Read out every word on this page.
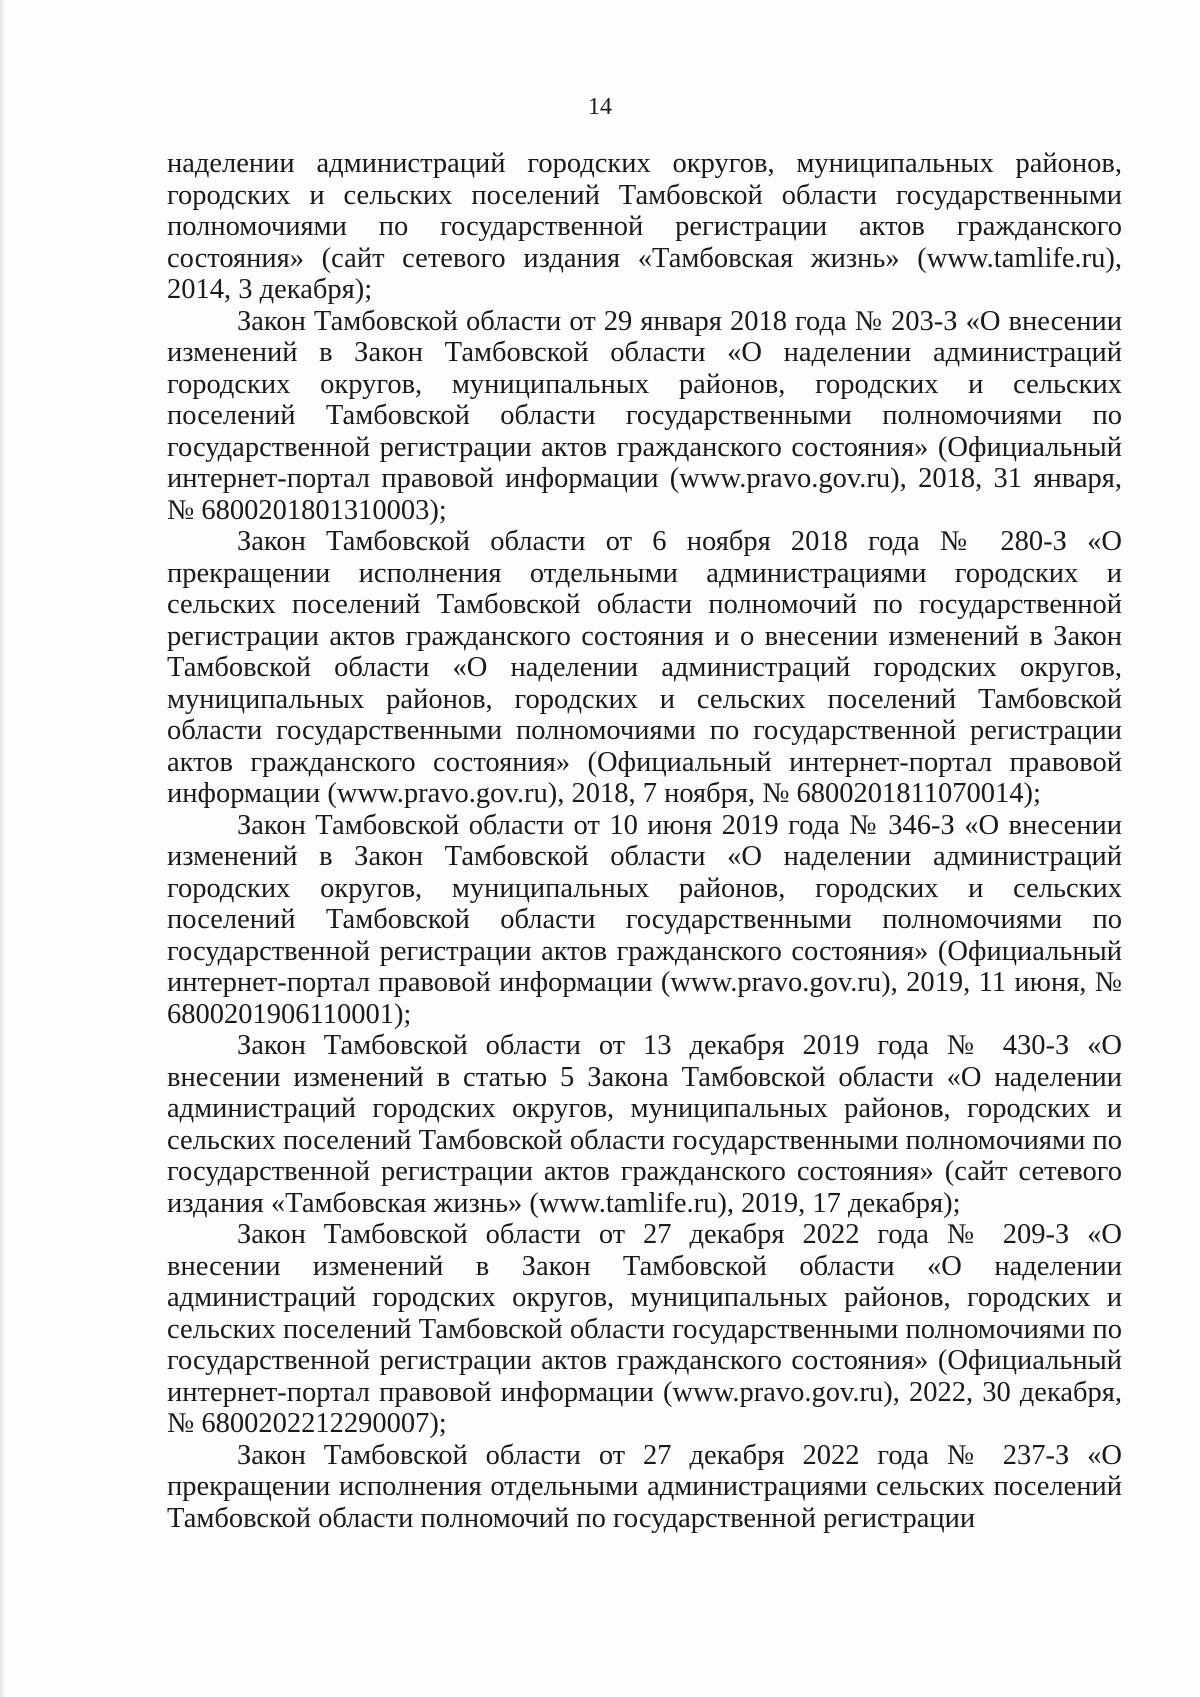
14

наделении администраций городских округов, муниципальных районов, городских и сельских поселений Тамбовской области государственными полномочиями по государственной регистрации актов гражданского состояния» (сайт сетевого издания «Тамбовская жизнь» (www.tamlife.ru), 2014, 3 декабря);

Закон Тамбовской области от 29 января 2018 года № 203-З «О внесении изменений в Закон Тамбовской области «О наделении администраций городских округов, муниципальных районов, городских и сельских поселений Тамбовской области государственными полномочиями по государственной регистрации актов гражданского состояния» (Официальный интернет-портал правовой информации (www.pravo.gov.ru), 2018, 31 января, № 6800201801310003);

Закон Тамбовской области от 6 ноября 2018 года № 280-З «О прекращении исполнения отдельными администрациями городских и сельских поселений Тамбовской области полномочий по государственной регистрации актов гражданского состояния и о внесении изменений в Закон Тамбовской области «О наделении администраций городских округов, муниципальных районов, городских и сельских поселений Тамбовской области государственными полномочиями по государственной регистрации актов гражданского состояния» (Официальный интернет-портал правовой информации (www.pravo.gov.ru), 2018, 7 ноября, № 6800201811070014);

Закон Тамбовской области от 10 июня 2019 года № 346-З «О внесении изменений в Закон Тамбовской области «О наделении администраций городских округов, муниципальных районов, городских и сельских поселений Тамбовской области государственными полномочиями по государственной регистрации актов гражданского состояния» (Официальный интернет-портал правовой информации (www.pravo.gov.ru), 2019, 11 июня, № 6800201906110001);

Закон Тамбовской области от 13 декабря 2019 года № 430-З «О внесении изменений в статью 5 Закона Тамбовской области «О наделении администраций городских округов, муниципальных районов, городских и сельских поселений Тамбовской области государственными полномочиями по государственной регистрации актов гражданского состояния» (сайт сетевого издания «Тамбовская жизнь» (www.tamlife.ru), 2019, 17 декабря);

Закон Тамбовской области от 27 декабря 2022 года № 209-З «О внесении изменений в Закон Тамбовской области «О наделении администраций городских округов, муниципальных районов, городских и сельских поселений Тамбовской области государственными полномочиями по государственной регистрации актов гражданского состояния» (Официальный интернет-портал правовой информации (www.pravo.gov.ru), 2022, 30 декабря, № 6800202212290007);

Закон Тамбовской области от 27 декабря 2022 года № 237-З «О прекращении исполнения отдельными администрациями сельских поселений Тамбовской области полномочий по государственной регистрации
